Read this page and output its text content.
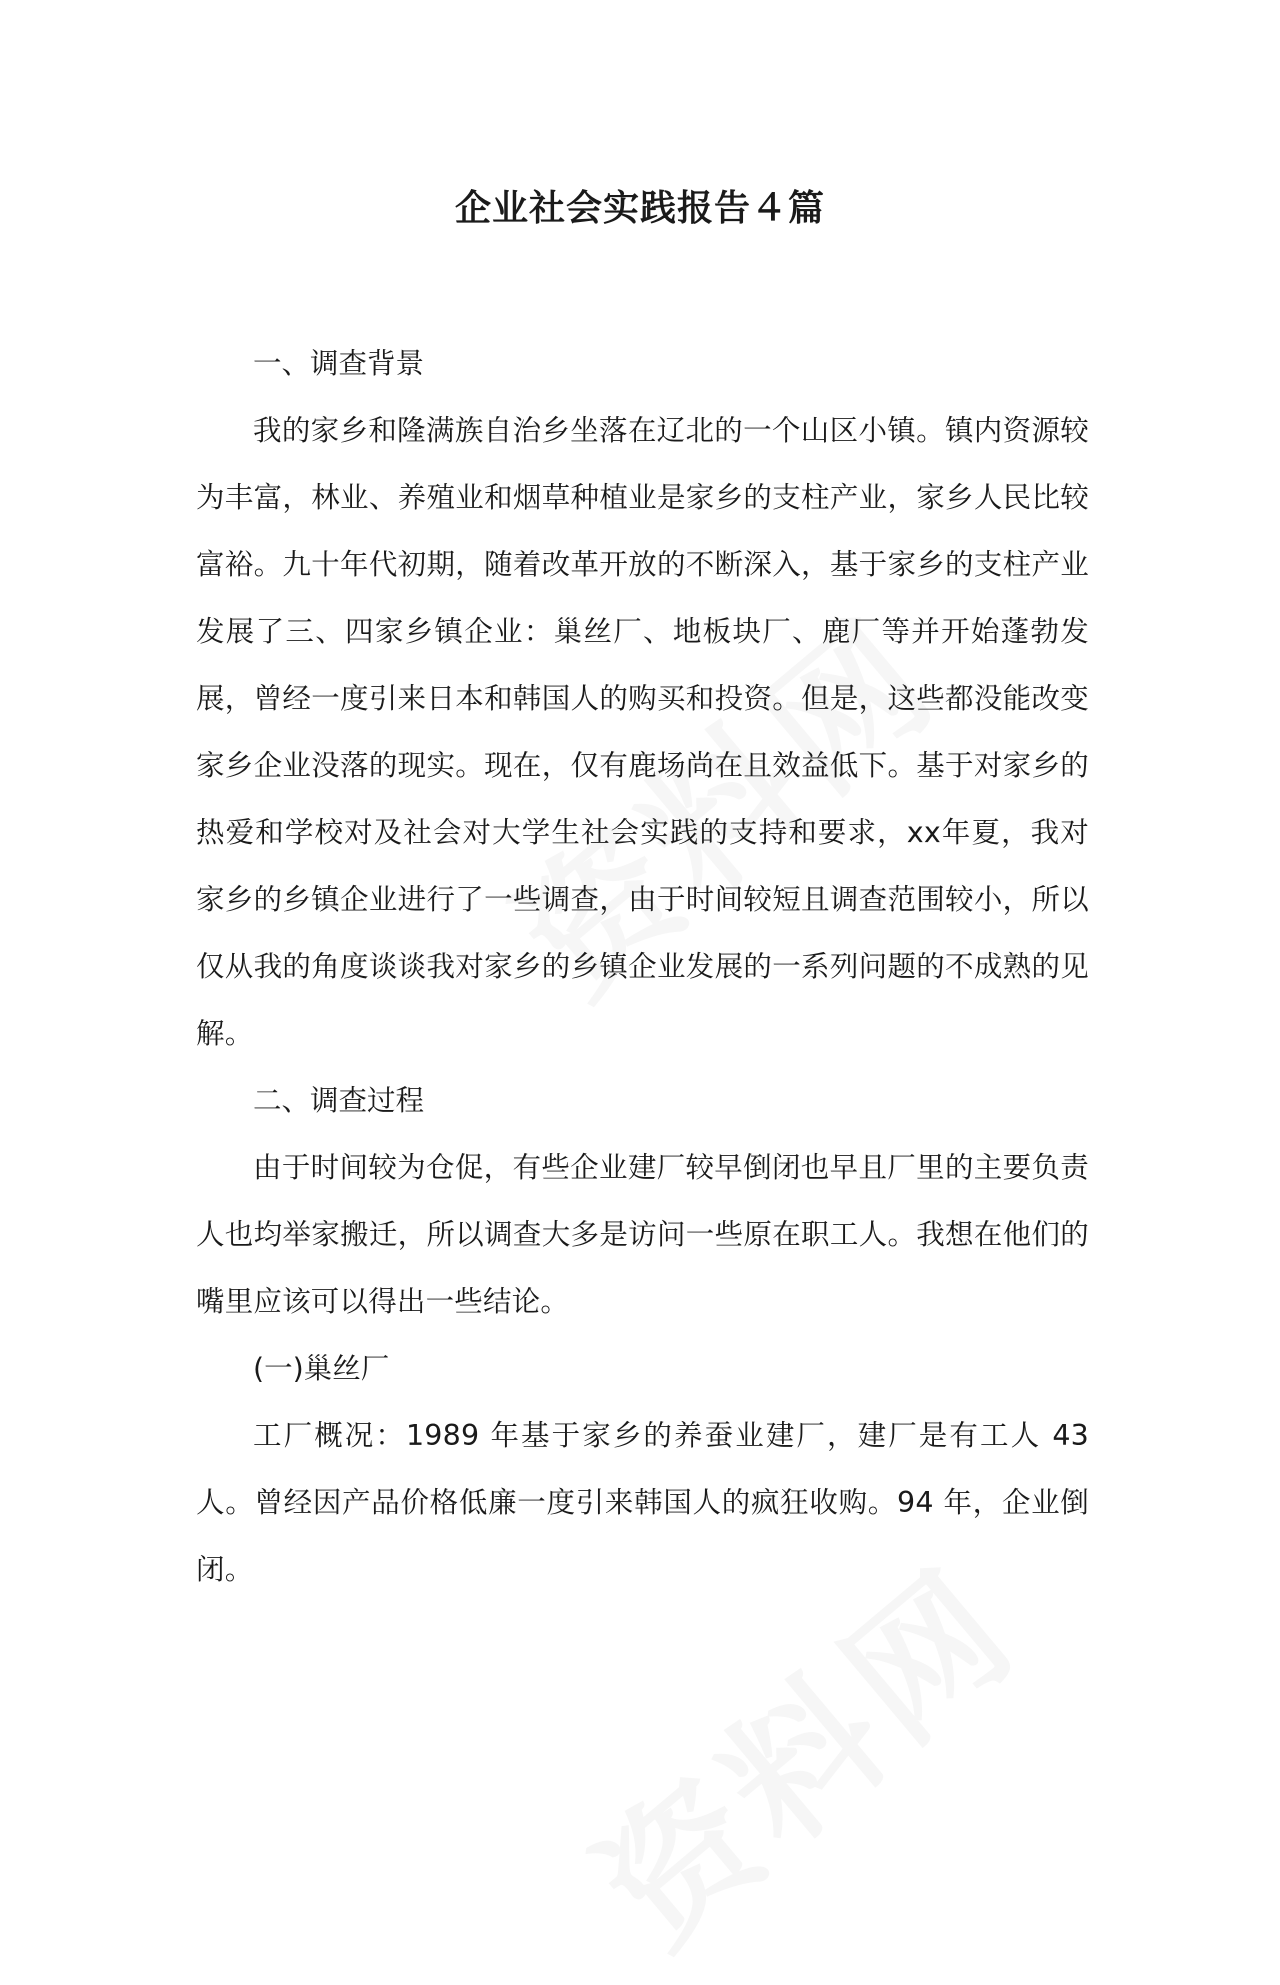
企业社会实践报告４篇

一、调查背景

我的家乡和隆满族自治乡坐落在辽北的一个山区小镇。镇内资源较为丰富，林业、养殖业和烟草种植业是家乡的支柱产业，家乡人民比较富裕。九十年代初期，随着改革开放的不断深入，基于家乡的支柱产业发展了三、四家乡镇企业：巢丝厂、地板块厂、鹿厂等并开始蓬勃发展，曾经一度引来日本和韩国人的购买和投资。但是，这些都没能改变家乡企业没落的现实。现在，仅有鹿场尚在且效益低下。基于对家乡的热爱和学校对及社会对大学生社会实践的支持和要求，xx年夏，我对家乡的乡镇企业进行了一些调查，由于时间较短且调查范围较小，所以仅从我的角度谈谈我对家乡的乡镇企业发展的一系列问题的不成熟的见解。

二、调查过程

由于时间较为仓促，有些企业建厂较早倒闭也早且厂里的主要负责人也均举家搬迁，所以调查大多是访问一些原在职工人。我想在他们的嘴里应该可以得出一些结论。

(一)巢丝厂

工厂概况：1989 年基于家乡的养蚕业建厂，建厂是有工人 43 人。曾经因产品价格低廉一度引来韩国人的疯狂收购。94 年，企业倒闭。
